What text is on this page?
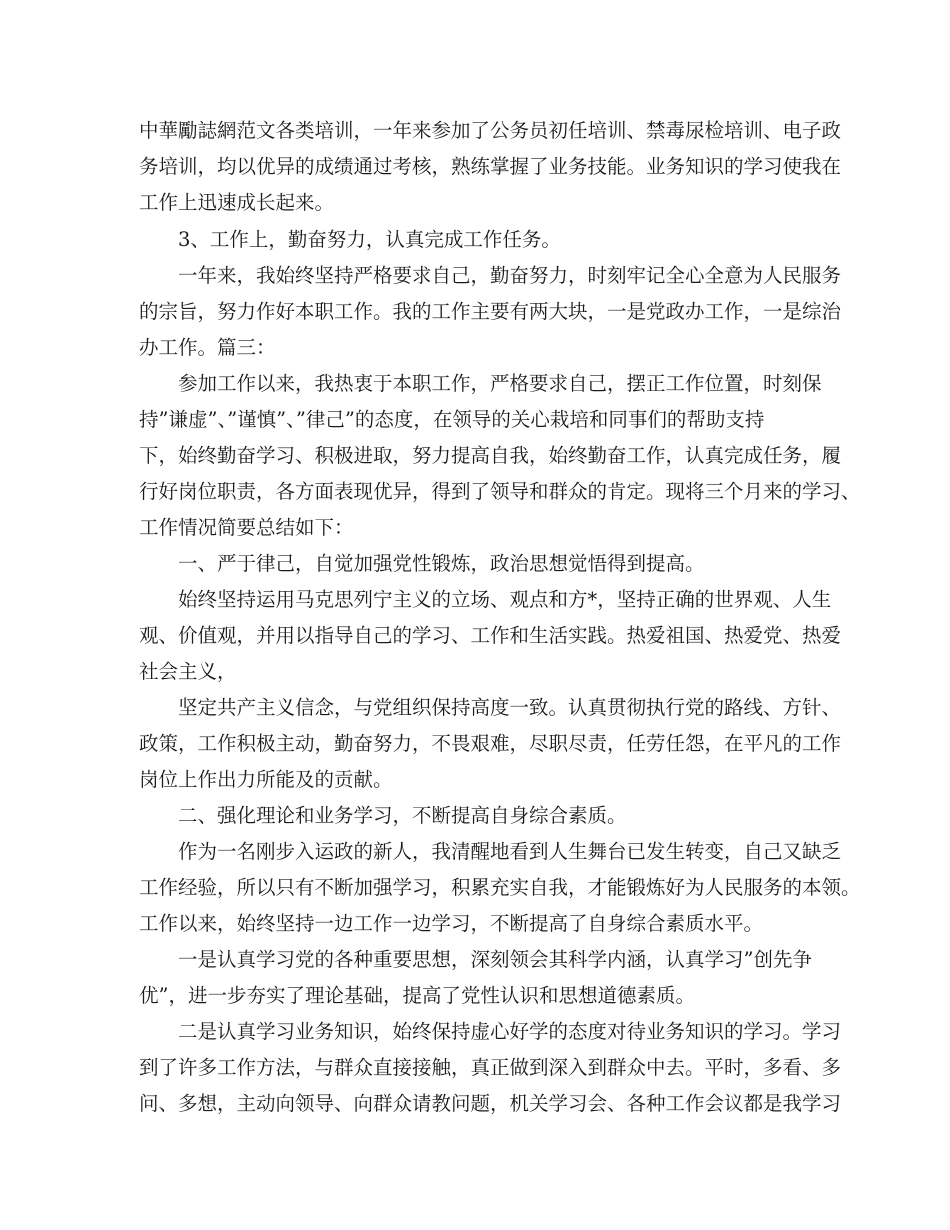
中華勵誌網范文各类培训，一年来参加了公务员初任培训、禁毒尿检培训、电子政
务培训，均以优异的成绩通过考核，熟练掌握了业务技能。业务知识的学习使我在
工作上迅速成长起来。
3、工作上，勤奋努力，认真完成工作任务。
一年来，我始终坚持严格要求自己，勤奋努力，时刻牢记全心全意为人民服务
的宗旨，努力作好本职工作。我的工作主要有两大块，一是党政办工作，一是综治
办工作。篇三：
参加工作以来，我热衷于本职工作，严格要求自己，摆正工作位置，时刻保
持”谦虚”、”谨慎”、”律己”的态度，在领导的关心栽培和同事们的帮助支持
下，始终勤奋学习、积极进取，努力提高自我，始终勤奋工作，认真完成任务，履
行好岗位职责，各方面表现优异，得到了领导和群众的肯定。现将三个月来的学习、
工作情况简要总结如下：
一、严于律己，自觉加强党性锻炼，政治思想觉悟得到提高。
始终坚持运用马克思列宁主义的立场、观点和方*，坚持正确的世界观、人生
观、价值观，并用以指导自己的学习、工作和生活实践。热爱祖国、热爱党、热爱
社会主义，
坚定共产主义信念，与党组织保持高度一致。认真贯彻执行党的路线、方针、
政策，工作积极主动，勤奋努力，不畏艰难，尽职尽责，任劳任怨，在平凡的工作
岗位上作出力所能及的贡献。
二、强化理论和业务学习，不断提高自身综合素质。
作为一名刚步入运政的新人，我清醒地看到人生舞台已发生转变，自己又缺乏
工作经验，所以只有不断加强学习，积累充实自我，才能锻炼好为人民服务的本领。
工作以来，始终坚持一边工作一边学习，不断提高了自身综合素质水平。
一是认真学习党的各种重要思想，深刻领会其科学内涵，认真学习”创先争
优”，进一步夯实了理论基础，提高了党性认识和思想道德素质。
二是认真学习业务知识，始终保持虚心好学的态度对待业务知识的学习。学习
到了许多工作方法，与群众直接接触，真正做到深入到群众中去。平时，多看、多
问、多想，主动向领导、向群众请教问题，机关学习会、各种工作会议都是我学习
